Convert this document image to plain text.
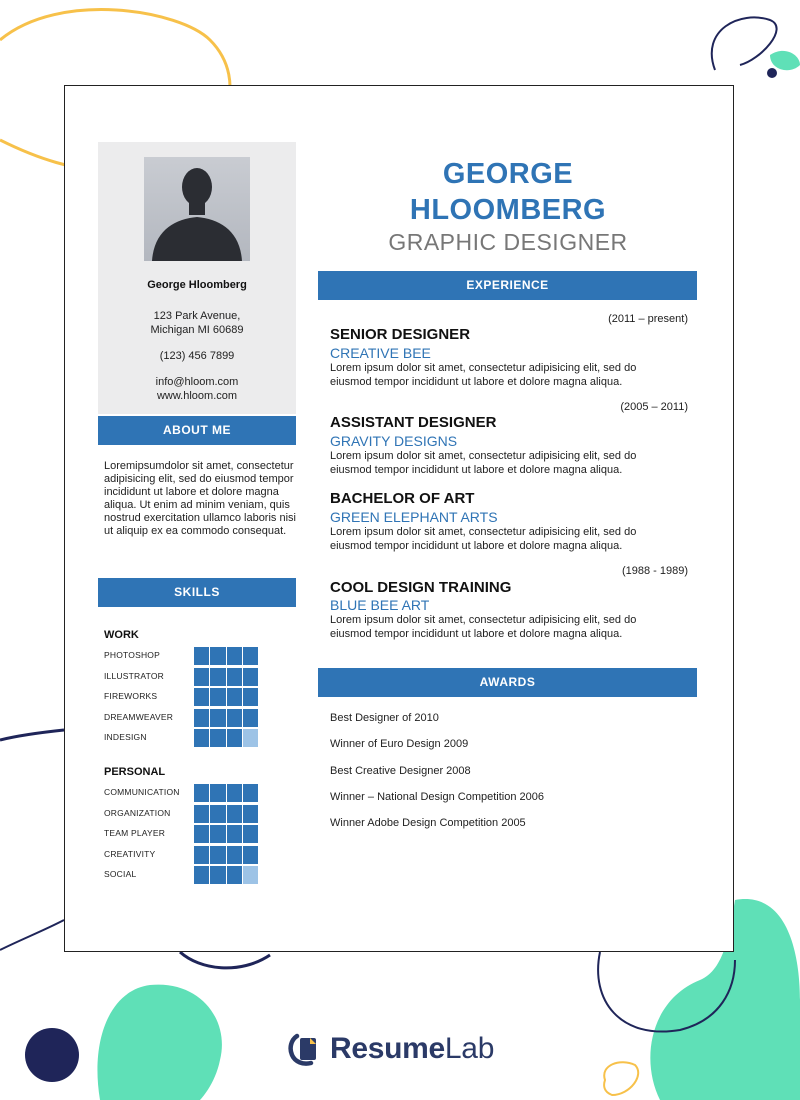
George Hloomberg
123 Park Avenue,
Michigan MI 60689
(123) 456 7899
info@hloom.com
www.hloom.com
ABOUT ME
Loremipsumdolor sit amet, consectetur adipisicing elit, sed do eiusmod tempor incididunt ut labore et dolore magna aliqua. Ut enim ad minim veniam, quis nostrud exercitation ullamco laboris nisi ut aliquip ex ea commodo consequat.
SKILLS
WORK
PHOTOSHOP
ILLUSTRATOR
FIREWORKS
DREAMWEAVER
INDESIGN
PERSONAL
COMMUNICATION
ORGANIZATION
TEAM PLAYER
CREATIVITY
SOCIAL
GEORGE
HLOOMBERG
GRAPHIC DESIGNER
EXPERIENCE
(2011 – present)
SENIOR DESIGNER
CREATIVE BEE
Lorem ipsum dolor sit amet, consectetur adipisicing elit, sed do eiusmod tempor incididunt ut labore et dolore magna aliqua.
(2005 – 2011)
ASSISTANT DESIGNER
GRAVITY DESIGNS
Lorem ipsum dolor sit amet, consectetur adipisicing elit, sed do eiusmod tempor incididunt ut labore et dolore magna aliqua.
BACHELOR OF ART
GREEN ELEPHANT ARTS
Lorem ipsum dolor sit amet, consectetur adipisicing elit, sed do eiusmod tempor incididunt ut labore et dolore magna aliqua.
(1988 - 1989)
COOL DESIGN TRAINING
BLUE BEE ART
Lorem ipsum dolor sit amet, consectetur adipisicing elit, sed do eiusmod tempor incididunt ut labore et dolore magna aliqua.
AWARDS
Best Designer of 2010
Winner of Euro Design 2009
Best Creative Designer 2008
Winner – National Design Competition 2006
Winner Adobe Design Competition 2005
ResumeLab
